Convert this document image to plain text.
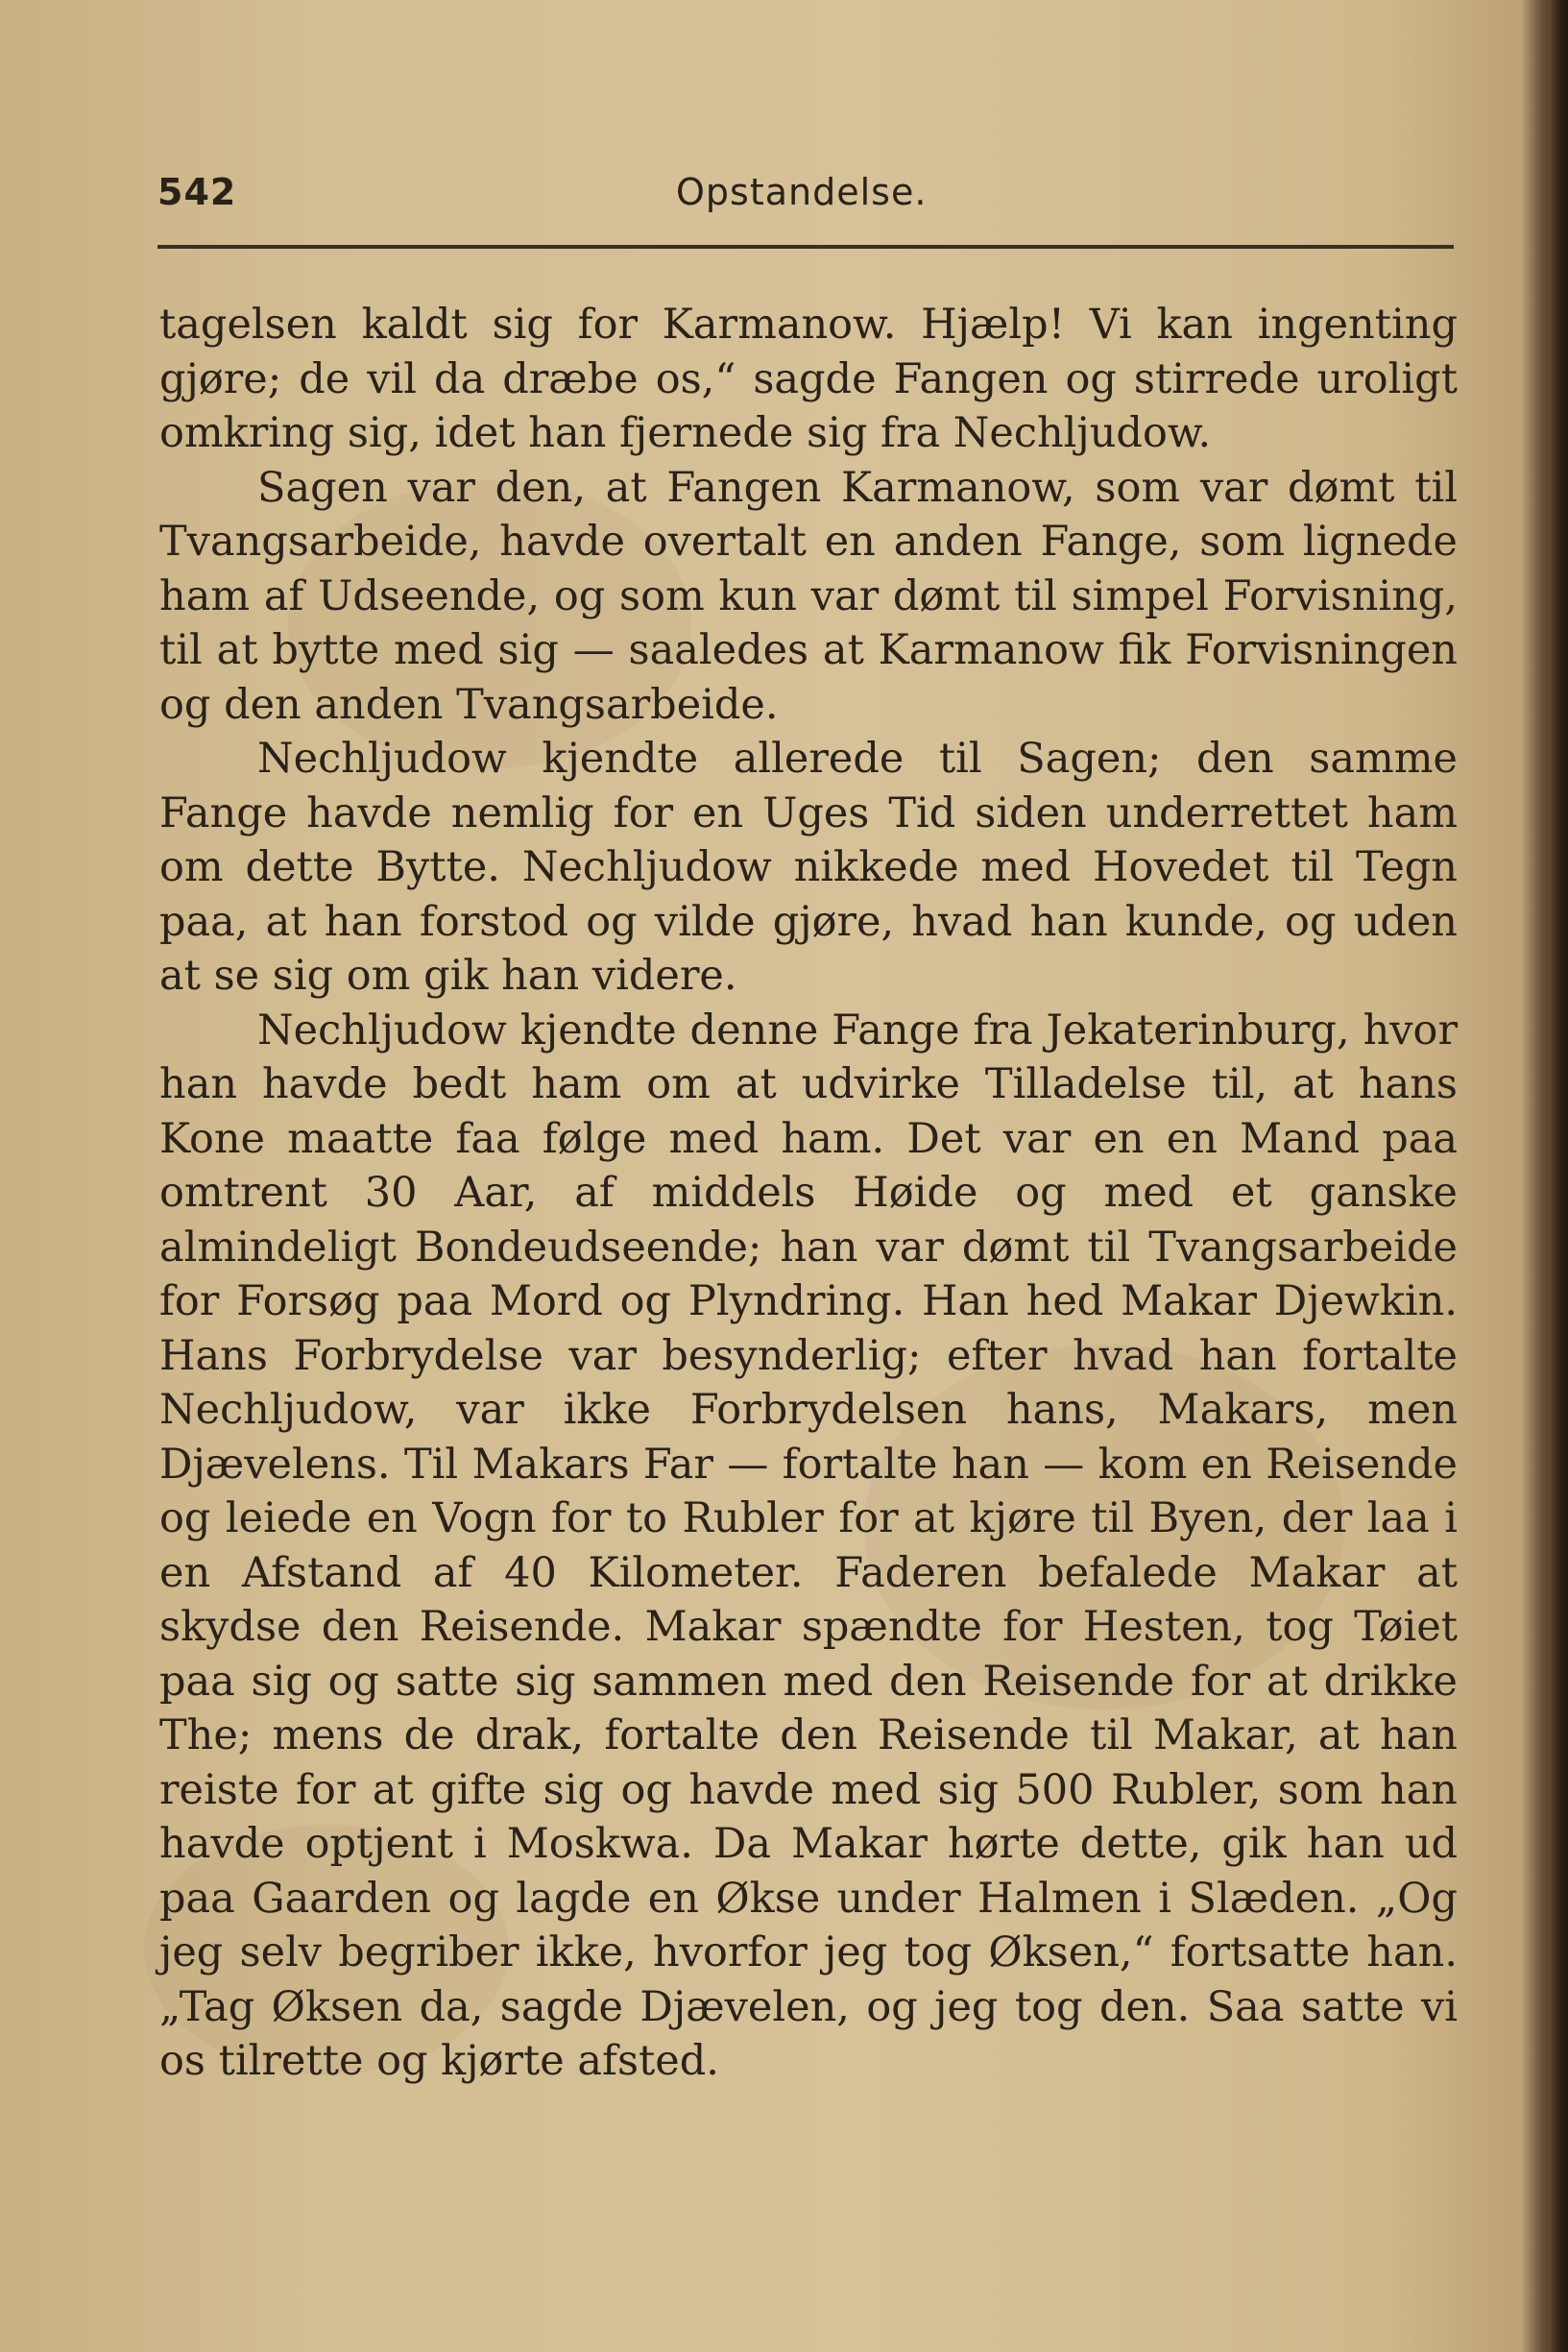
542	Opstandelse.

tagelsen kaldt sig for Karmanow. Hjælp! Vi kan ingenting gjøre; de vil da dræbe os,“ sagde Fangen og stirrede uroligt omkring sig, idet han fjernede sig fra Nechljudow.

Sagen var den, at Fangen Karmanow, som var dømt til Tvangsarbeide, havde overtalt en anden Fange, som lignede ham af Udseende, og som kun var dømt til simpel Forvisning, til at bytte med sig — saaledes at Karmanow fik Forvisningen og den anden Tvangsarbeide.

Nechljudow kjendte allerede til Sagen; den samme Fange havde nemlig for en Uges Tid siden underrettet ham om dette Bytte. Nechljudow nikkede med Hovedet til Tegn paa, at han forstod og vilde gjøre, hvad han kunde, og uden at se sig om gik han videre.

Nechljudow kjendte denne Fange fra Jekaterinburg, hvor han havde bedt ham om at udvirke Tilladelse til, at hans Kone maatte faa følge med ham. Det var en en Mand paa omtrent 30 Aar, af middels Høide og med et ganske almindeligt Bondeudseende; han var dømt til Tvangsarbeide for Forsøg paa Mord og Plyndring. Han hed Makar Djewkin. Hans Forbrydelse var besynderlig; efter hvad han fortalte Nechljudow, var ikke Forbrydelsen hans, Makars, men Djævelens. Til Makars Far — fortalte han — kom en Reisende og leiede en Vogn for to Rubler for at kjøre til Byen, der laa i en Afstand af 40 Kilometer. Faderen befalede Makar at skydse den Reisende. Makar spændte for Hesten, tog Tøiet paa sig og satte sig sammen med den Reisende for at drikke The; mens de drak, fortalte den Reisende til Makar, at han reiste for at gifte sig og havde med sig 500 Rubler, som han havde optjent i Moskwa. Da Makar hørte dette, gik han ud paa Gaarden og lagde en Økse under Halmen i Slæden. „Og jeg selv begriber ikke, hvorfor jeg tog Øksen,“ fortsatte han. „Tag Øksen da, sagde Djævelen, og jeg tog den. Saa satte vi os tilrette og kjørte afsted.
